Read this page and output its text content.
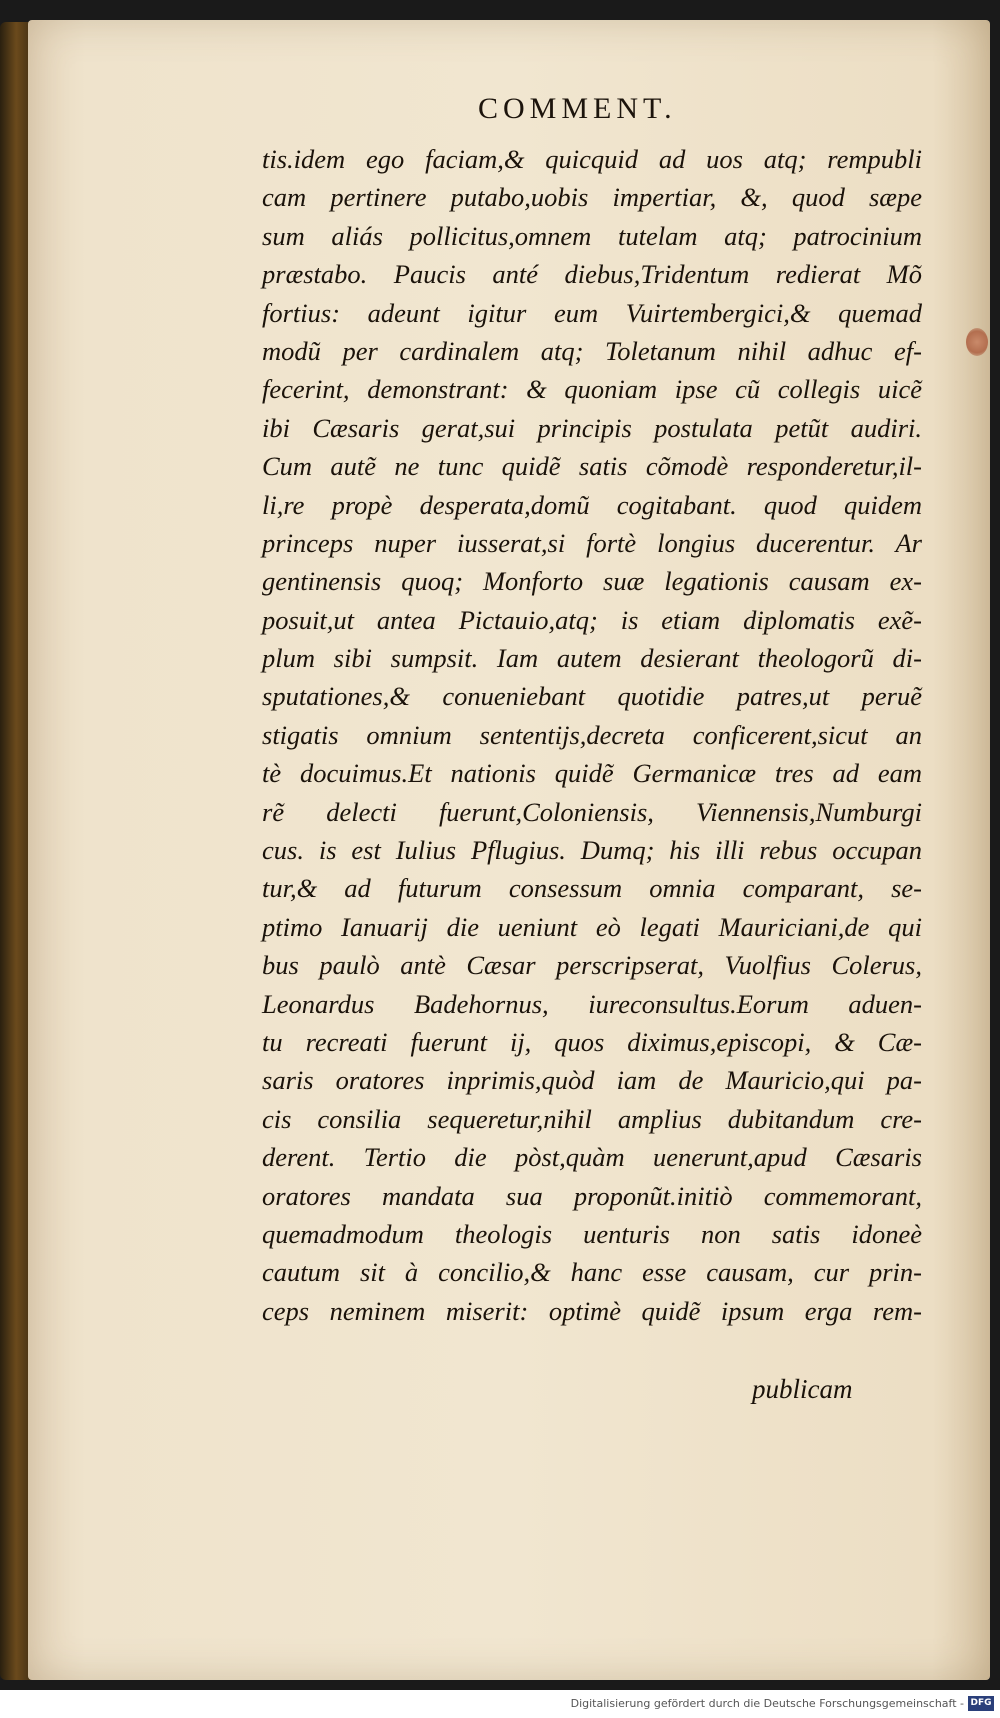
COMMENT.
tis.idem ego faciam,& quicquid ad uos atq; rempubli
cam pertinere putabo,uobis impertiar, &, quod sæpe
sum aliás pollicitus,omnem tutelam atq; patrocinium
præstabo. Paucis anté diebus,Tridentum redierat Mõ
fortius: adeunt igitur eum Vuirtembergici,& quemad
modũ per cardinalem atq; Toletanum nihil adhuc ef-
fecerint, demonstrant: & quoniam ipse cũ collegis uicẽ
ibi Cæsaris gerat,sui principis postulata petũt audiri.
Cum autẽ ne tunc quidẽ satis cõmodè responderetur,il-
li,re propè desperata,domũ cogitabant. quod quidem
princeps nuper iusserat,si fortè longius ducerentur. Ar
gentinensis quoq; Monforto suæ legationis causam ex-
posuit,ut antea Pictauio,atq; is etiam diplomatis exẽ-
plum sibi sumpsit. Iam autem desierant theologorũ di-
sputationes,& conueniebant quotidie patres,ut peruẽ
stigatis omnium sententijs,decreta conficerent,sicut an
tè docuimus.Et nationis quidẽ Germanicæ tres ad eam
rẽ delecti fuerunt,Coloniensis, Viennensis,Numburgi
cus. is est Iulius Pflugius. Dumq; his illi rebus occupan
tur,& ad futurum consessum omnia comparant, se-
ptimo Ianuarij die ueniunt eò legati Mauriciani,de qui
bus paulò antè Cæsar perscripserat, Vuolfius Colerus,
Leonardus Badehornus, iureconsultus.Eorum aduen-
tu recreati fuerunt ij, quos diximus,episcopi, & Cæ-
saris oratores inprimis,quòd iam de Mauricio,qui pa-
cis consilia sequeretur,nihil amplius dubitandum cre-
derent. Tertio die pòst,quàm uenerunt,apud Cæsaris
oratores mandata sua proponũt.initiò commemorant,
quemadmodum theologis uenturis non satis idoneè
cautum sit à concilio,& hanc esse causam, cur prin-
ceps neminem miserit: optimè quidẽ ipsum erga rem-
publicam
Digitalisierung gefördert durch die Deutsche Forschungsgemeinschaft - DFG
